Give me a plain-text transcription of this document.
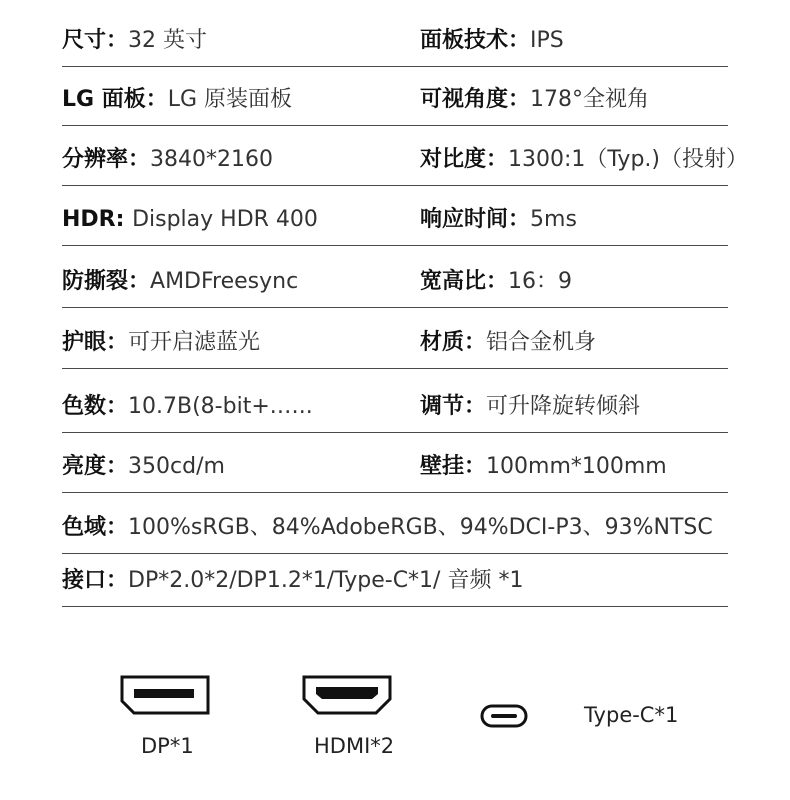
尺寸：32 英寸	面板技术：IPS
LG 面板：LG 原装面板	可视角度：178°全视角
分辨率：3840*2160	对比度：1300:1（Typ.)（投射）
HDR: Display HDR 400	响应时间：5ms
防撕裂：AMDFreesync	宽高比：16：9
护眼：可开启滤蓝光	材质：铝合金机身
色数：10.7B(8-bit+.…..	调节：可升降旋转倾斜
亮度：350cd/m	壁挂：100mm*100mm
色域：100%sRGB、84%AdobeRGB、94%DCI-P3、93%NTSC
接口：DP*2.0*2/DP1.2*1/Type-C*1/ 音频 *1
DP*1	HDMI*2
Type-C*1
